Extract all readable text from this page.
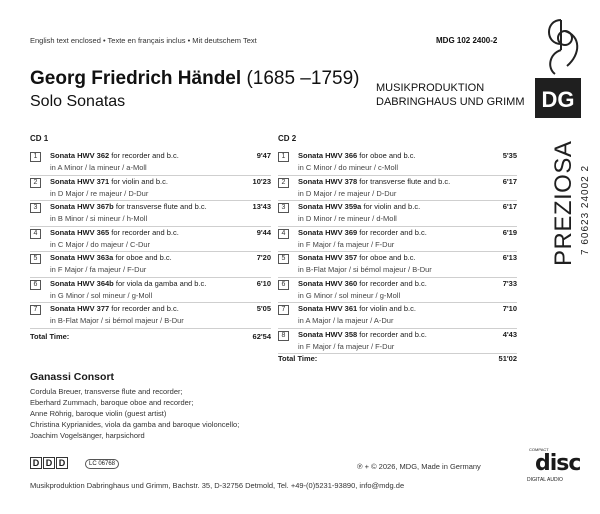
English text enclosed • Texte en français inclus • Mit deutschem Text	MDG 102 2400-2
Georg Friedrich Händel (1685 –1759)
Solo Sonatas
MUSIKPRODUKTION
DABRINGHAUS UND GRIMM DG
PREZIOSA
CD 1	CD 2
1	Sonata HWV 362 for recorder and b.c.
in A Minor / la mineur / a-Moll
9'47
2	Sonata HWV 371 for violin and b.c.
in D Major / re majeur / D-Dur
10'23
3	Sonata HWV 367b for transverse flute and b.c.
in B Minor / si mineur / h-Moll
13'43
4	Sonata HWV 365 for recorder and b.c.
in C Major / do majeur / C-Dur
9'44
5	Sonata HWV 363a for oboe and b.c.
in F Major / fa majeur / F-Dur
7'20
6	Sonata HWV 364b for viola da gamba and b.c.
in G Minor / sol mineur / g-Moll
6'10
7	Sonata HWV 377 for recorder and b.c.
in B-Flat Major / si bémol majeur / B-Dur
5'05
1	Sonata HWV 366 for oboe and b.c.
in C Minor / do mineur / c-Moll
5'35
2	Sonata HWV 378 for transverse flute and b.c.
in D Major / re majeur / D-Dur
6'17
3	Sonata HWV 359a for violin and b.c.
in D Minor / re mineur / d-Moll
6'17
4	Sonata HWV 369 for recorder and b.c.
in F Major / fa majeur / F-Dur
6'19
5	Sonata HWV 357 for oboe and b.c.
in B-Flat Major / si bémol majeur / B-Dur
6'13
6	Sonata HWV 360 for recorder and b.c.
in G Minor / sol mineur / g-Moll
7'33
7	Sonata HWV 361 for violin and b.c.
in A Major / la majeur / A-Dur
7'10
8	Sonata HWV 358 for recorder and b.c.
in F Major / fa majeur / F-Dur
4'43
Total Time:	62'54
Total Time:	51'02
Ganassi Consort
Cordula Breuer, transverse flute and recorder;
Eberhard Zummach, baroque oboe and recorder;
Anne Röhrig, baroque violin (guest artist)
Christina Kyprianides, viola da gamba and baroque violoncello;
Joachim Vogelsänger, harpsichord
D D D	LC 06768	℗ + © 2026, MDG, Made in Germany
Musikproduktion Dabringhaus und Grimm, Bachstr. 35, D-32756 Detmold, Tel. +49-(0)5231-93890, info@mdg.de
COMPACT
disc
DIGITAL AUDIO
7 60623 24002 2
